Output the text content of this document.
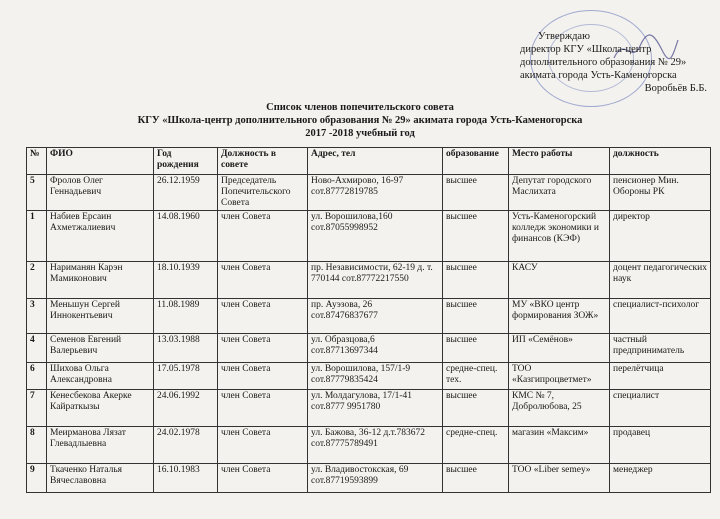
Утверждаю
директор КГУ «Школа-центр
дополнительного образования № 29»
акимата города Усть-Каменогорска
Воробьёв Б.Б.
Список членов попечительского совета
КГУ «Школа-центр дополнительного образования № 29» акимата города Усть-Каменогорска
2017 -2018 учебный год
№	ФИО	Год рождения	Должность в совете	Адрес, тел	образование	Место работы	должность
5	Фролов Олег Геннадьевич	26.12.1959	Председатель Попечительского Совета	Ново-Ахмирово, 16-97 сот.87772819785	высшее	Депутат городского Маслихата	пенсионер Мин. Обороны РК
1	Набиев Ерсаин Ахметжалиевич	14.08.1960	член Совета	ул. Ворошилова,160 сот.87055998952	высшее	Усть-Каменогорский колледж экономики и финансов (КЭФ)	директор
2	Нариманян Карэн Мамиконович	18.10.1939	член Совета	пр. Независимости, 62-19 д. т. 770144 сот.87772217550	высшее	КАСУ	доцент педагогических наук
3	Меньшун Сергей Иннокентьевич	11.08.1989	член Совета	пр. Ауэзова, 26 сот.87476837677	высшее	МУ «ВКО центр формирования ЗОЖ»	специалист-психолог
4	Семенов Евгений Валерьевич	13.03.1988	член Совета	ул. Образцова,6 сот.87713697344	высшее	ИП «Семёнов»	частный предприниматель
6	Шихова Ольга Александровна	17.05.1978	член Совета	ул. Ворошилова, 157/1-9 сот.87779835424	средне-спец. тех.	ТОО «Казгипроцветмет»	перелётчица
7	Кенесбекова Акерке Кайраткызы	24.06.1992	член Совета	ул. Молдагулова, 17/1-41 сот.8777 9951780	высшее	КМС № 7, Добролюбова, 25	специалист
8	Меирманова Лязат Глевадлыевна	24.02.1978	член Совета	ул. Бажова, 36-12 д.т.783672 сот.87775789491	средне-спец.	магазин «Максим»	продавец
9	Ткаченко Наталья Вячеславовна	16.10.1983	член Совета	ул. Владивостокская, 69 сот.87719593899	высшее	ТОО «Liber semey»	менеджер
